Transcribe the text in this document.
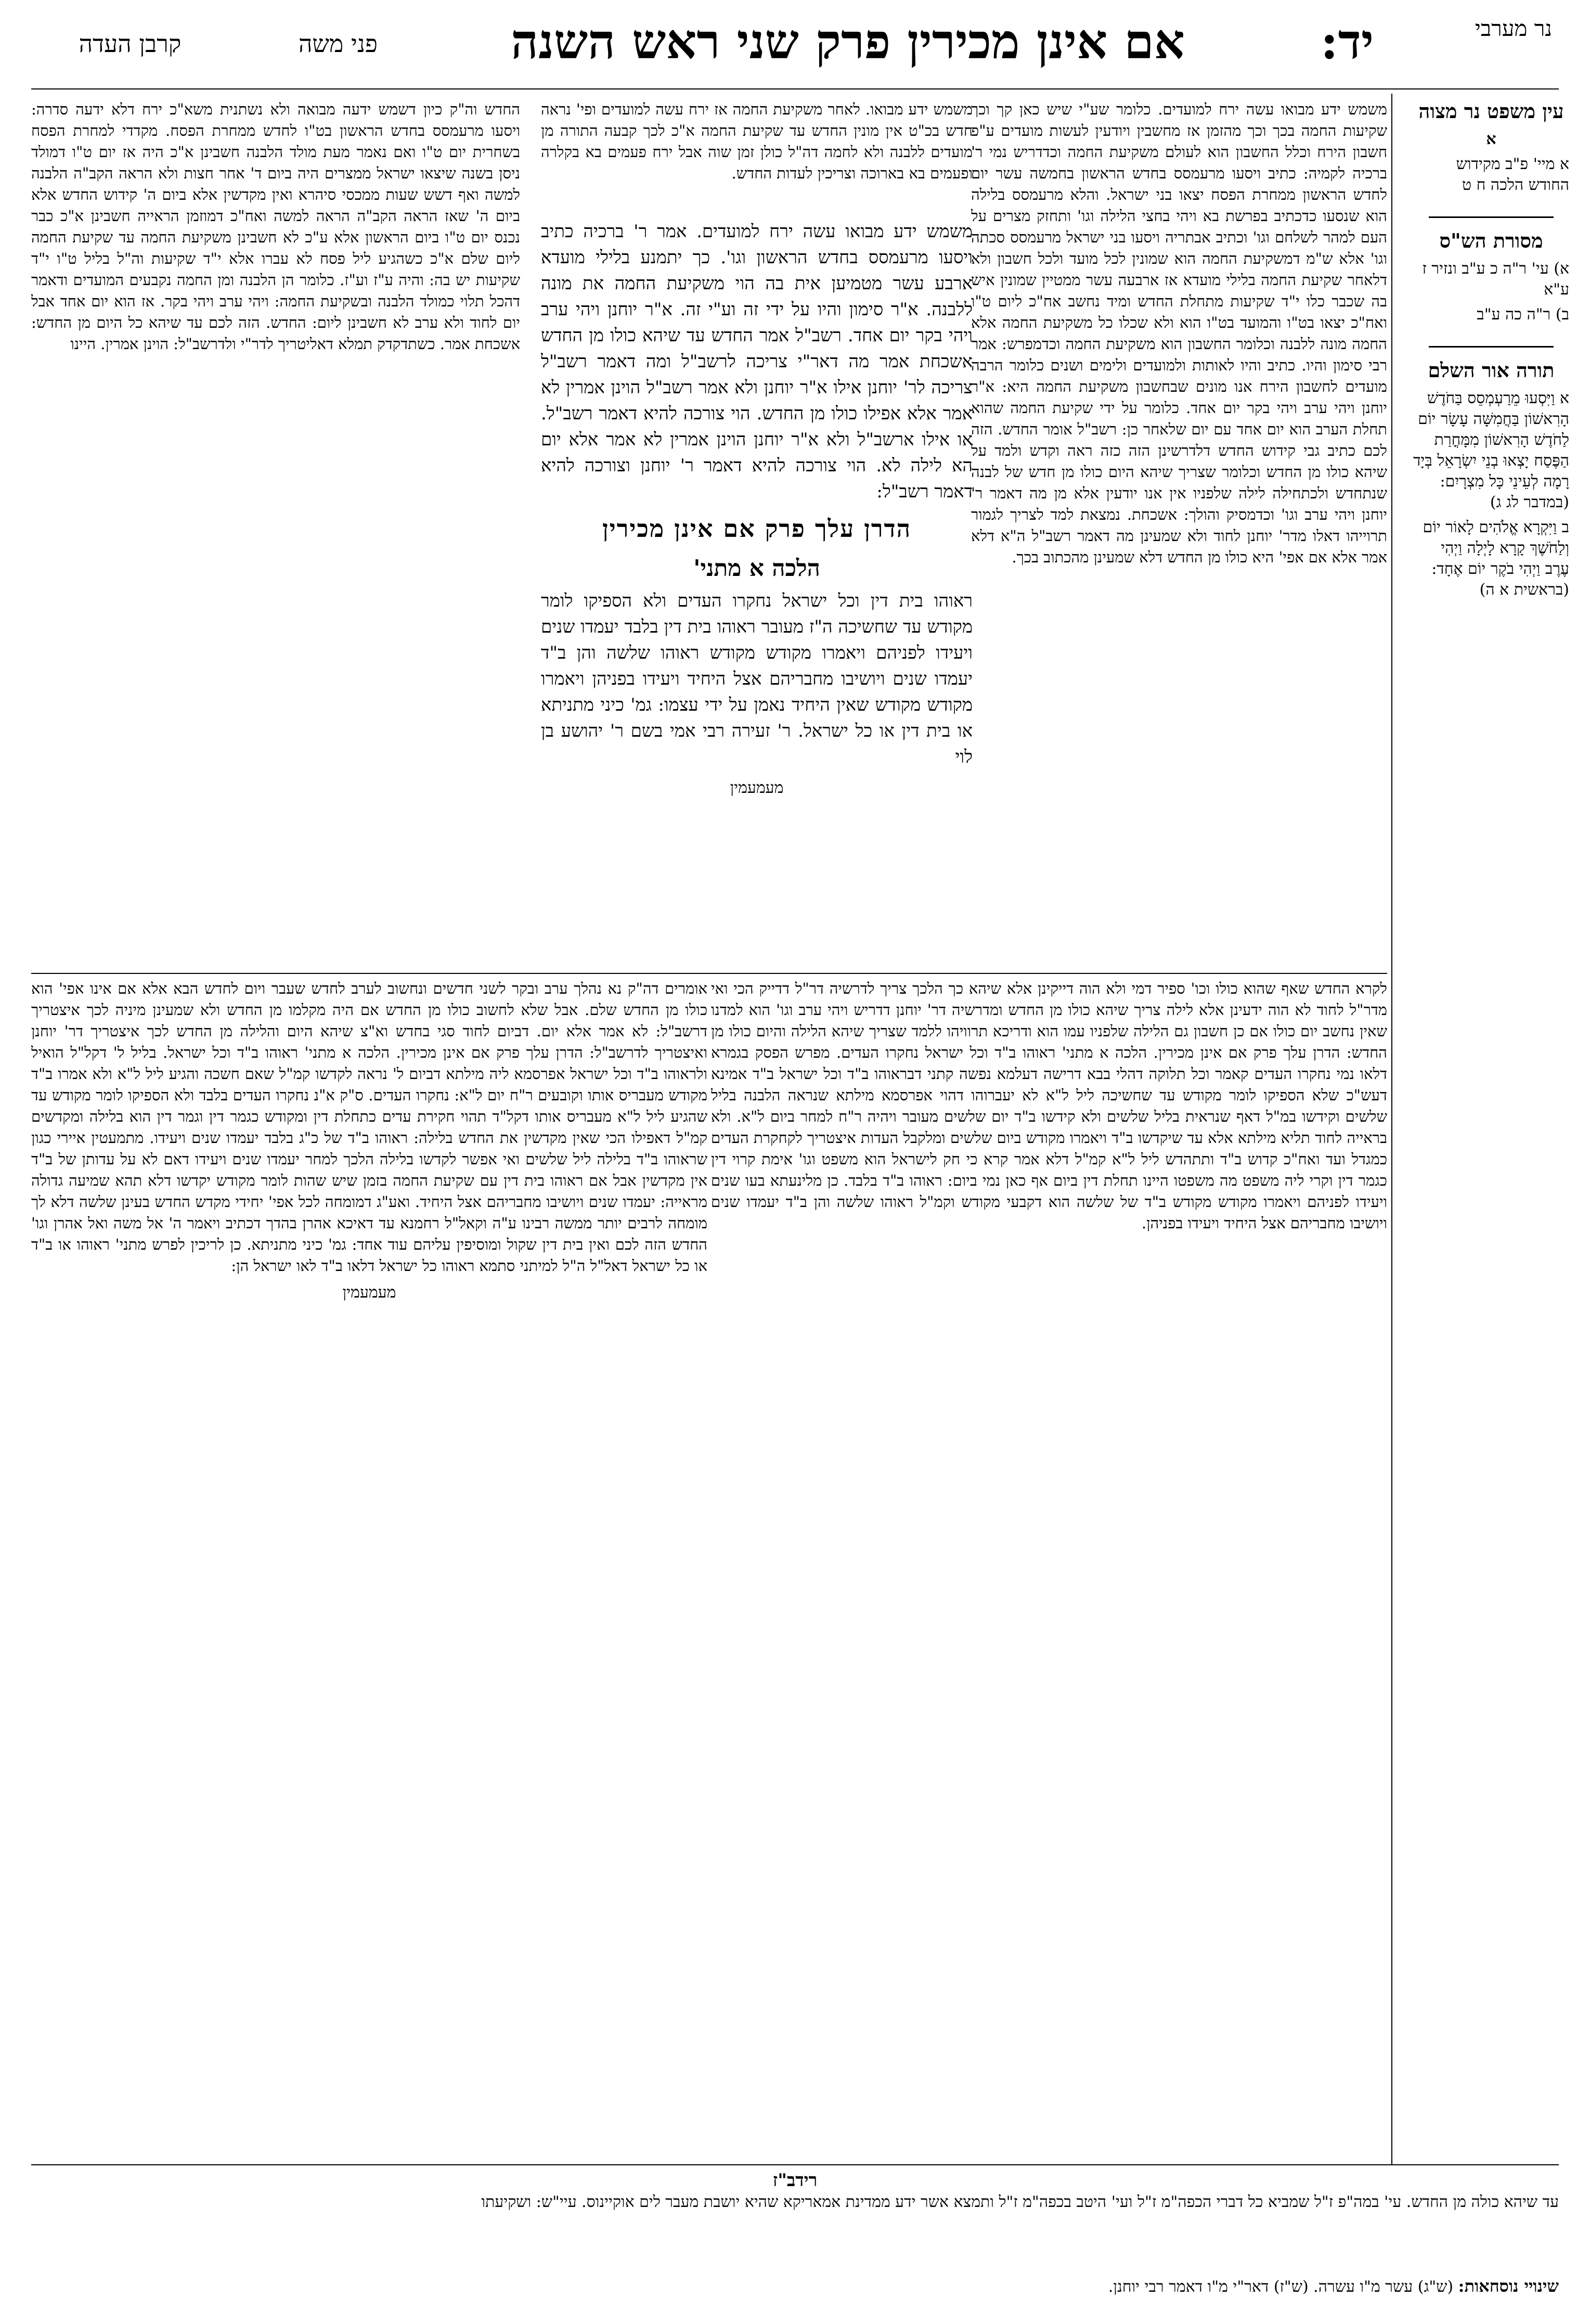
נר מערבי
יד:
אם אינן מכירין פרק שני ראש השנה
פני משה
קרבן העדה
עין משפט נר מצוה
א
א מיי' פ"ב מקידוש החודש הלכה ח ט
מסורת הש"ס
א) עי' ר"ה כ ע"ב ונזיר ז ע"א
ב) ר"ה כה ע"ב
תורה אור השלם
א וַיִּסְעוּ מֵרַעְמְסֵס בַּחֹדֶשׁ הָרִאשׁוֹן בַּחֲמִשָּׁה עָשָׂר יוֹם לַחֹדֶשׁ הָרִאשׁוֹן מִמָּחֳרַת הַפֶּסַח יָצְאוּ בְנֵי יִשְׂרָאֵל בְּיָד רָמָה לְעֵינֵי כָּל מִצְרָיִם: (במדבר לג ג)
ב וַיִּקְרָא אֱלֹהִים לָאוֹר יוֹם וְלַחֹשֶׁךְ קָרָא לָיְלָה וַיְהִי עֶרֶב וַיְהִי בֹקֶר יוֹם אֶחָד: (בראשית א ה)

משמש ידע מבואו עשה ירח למועדים. כלומר שע"י שיש כאן קך וכך שקיעות החמה בכך וכך מהזמן אז מחשבין ויודעין לעשות מועדים ע"פ חשבון הירח וכלל החשבון הוא לעולם משקיעת החמה וכדדריש נמי ר' ברכיה לקמיה: כתיב ויסעו מרעמסס בחדש הראשון בחמשה עשר יום לחדש הראשון ממחרת הפסח יצאו בני ישראל. והלא מרעמסס בלילה הוא שנסעו כדכתיב בפרשת בא ויהי בחצי הלילה וגו' ותחזק מצרים על העם למהר לשלחם וגו' וכתיב אבתריה ויסעו בני ישראל מרעמסס סכתה וגו' אלא ש"מ דמשקיעת החמה הוא שמונין לכל מועד ולכל חשבון ולא דלאחר שקיעת החמה בלילי מועדא אז ארבעה עשר ממטיין שמונין איש בה שכבר כלו י"ד שקיעות מתחלת החדש ומיד נחשב אח"כ ליום ט"ו ואח"כ יצאו בט"ו והמועד בט"ו הוא ולא שכלו כל משקיעת החמה אלא החמה מונה ללבנה וכלומר החשבון הוא משקיעת החמה וכדמפרש: אמר רבי סימון והיו. כתיב והיו לאותות ולמועדים ולימים ושנים כלומר הרבה מועדים לחשבון הירח אנו מונים שבחשבון משקיעת החמה היא: א"ר יוחנן ויהי ערב ויהי בקר יום אחד. כלומר על ידי שקיעת החמה שהוא תחלת הערב הוא יום אחד עם יום שלאחר כן: רשב"ל אומר החדש. הזה לכם כתיב גבי קידוש החדש דלדרשינן הזה כזה ראה וקדש ולמד על שיהא כולו מן החדש וכלומר שצריך שיהא היום כולו מן חדש של לבנה שנתחדש ולכתחילה לילה שלפניו אין אנו יודעין אלא מן מה דאמר ר' יוחנן ויהי ערב וגו' וכדמסיק והולך: אשכחת. נמצאת למד לצריך לגמור תרוייהו דאלו מדר' יוחנן לחוד ולא שמעינן מה דאמר רשב"ל ה"א דלא אמר אלא אם אפי' היא כולו מן החדש דלא שמעינן מהכתוב בכך.

משמש ידע מבואו. לאחר משקיעת החמה אז ירח עשה למועדים ופי' נראה חדש בכ"ט אין מונין החדש עד שקיעת החמה א"כ לכך קבעה התורה מן מועדים ללבנה ולא לחמה דה"ל כולן זמן שוה אבל ירח פעמים בא בקלרה ופעמים בא בארוכה וצריכין לעדות החדש.

משמש ידע מבואו עשה ירח למועדים. אמר ר' ברכיה כתיב ויסעו מרעמסס בחדש הראשון וגו'. כך יתמנע בלילי מועדא ארבע עשר מטמיען אית בה הוי משקיעת החמה את מונה ללבנה. א"ר סימון והיו על ידי זה וע"י זה. א"ר יוחנן ויהי ערב ויהי בקר יום אחד. רשב"ל אמר החדש עד שיהא כולו מן החדש אשכחת אמר מה דאר"י צריכה לרשב"ל ומה דאמר רשב"ל צריכה לר' יוחנן אילו א"ר יוחנן ולא אמר רשב"ל הוינן אמרין לא אמר אלא אפילו כולו מן החדש. הוי צורכה להיא דאמר רשב"ל. או אילו ארשב"ל ולא א"ר יוחנן הוינן אמרין לא אמר אלא יום הא לילה לא. הוי צורכה להיא דאמר ר' יוחנן וצורכה להיא דאמר רשב"ל:

הדרן עלך פרק אם אינן מכירין
הלכה א מתני'

ראוהו בית דין וכל ישראל נחקרו העדים ולא הספיקו לומר מקודש עד שחשיכה ה"ז מעובר ראוהו בית דין בלבד יעמדו שנים ויעידו לפניהם ויאמרו מקודש מקודש ראוהו שלשה והן ב"ד יעמדו שנים ויושיבו מחבריהם אצל היחיד ויעידו בפניהן ויאמרו מקודש מקודש שאין היחיד נאמן על ידי עצמו: גמ' כיני מתניתא או בית דין או כל ישראל. ר' זעירה רבי אמי בשם ר' יהושע בן לוי

מעמעמין

החדש וה"ק כיון דשמש ידעה מבואה ולא נשתנית משא"כ ירח דלא ידעה סדרה: ויסעו מרעמסס בחדש הראשון בט"ו לחדש ממחרת הפסח. מקדדי למחרת הפסח בשחרית יום ט"ו ואם נאמר מעת מולד הלבנה חשבינן א"כ היה אז יום ט"ו דמולד ניסן בשנה שיצאו ישראל ממצרים היה ביום ד' אחר חצות ולא הראה הקב"ה הלבנה למשה ואף דשש שעות ממכסי סיהרא ואין מקדשין אלא ביום ה' קידוש החדש אלא ביום ה' שאז הראה הקב"ה הראה למשה ואח"כ דמוזמן הראייה חשבינן א"כ כבר נכנס יום ט"ו ביום הראשון אלא ע"כ לא חשבינן משקיעת החמה עד שקיעת החמה ליום שלם א"כ כשהגיע ליל פסח לא עברו אלא י"ד שקיעות וה"ל בליל ט"ו י"ד שקיעות יש בה: והיה ע"ז וע"ז. כלומר הן הלבנה ומן החמה נקבעים המועדים ודאמר דהכל תלוי כמולד הלבנה ובשקיעת החמה: ויהי ערב ויהי בקר. אז הוא יום אחד אבל יום לחוד ולא ערב לא חשבינן ליום: החדש. הזה לכם עד שיהא כל היום מן החדש: אשכחת אמר. כשתדקדק תמלא דאליטריך לדר"י ולדרשב"ל: הוינן אמרין. היינו

לקרא החדש שאף שהוא כולו וכו' ספיר דמי ולא הוה דייקינן אלא שיהא כך הלכך צריך לדרשיה דר"ל דדייק הכי ואי מדר"ל לחוד לא הוה ידעינן אלא לילה צריך שיהא כולו מן החדש ומדרשיה דר' יוחנן דדריש ויהי ערב וגו' הוא למדנו שאין נחשב יום כולו אם כן חשבון גם הלילה שלפניו עמו הוא ודריכא תרוויהו ללמד שצריך שיהא הלילה והיום כולו מן החדש: הדרן עלך פרק אם אינן מכירין. הלכה א מתני' ראוהו ב"ד וכל ישראל נחקרו העדים. מפרש הפסק בגמרא דלאו נמי נחקרו העדים קאמר וכל תלוקה דהלי בבא דרישה דעלמא נפשה קתני דבראוהו ב"ד וכל ישראל ב"ד אמינא דעש"כ שלא הספיקו לומר מקודש עד שחשיכה ליל ל"א לא יעברוהו דהוי אפרסמא מילתא שנראה הלבנה בליל שלשים וקידשו במ"ל דאף שנראית בליל שלשים ולא קידשו ב"ד יום שלשים מעובר ויהיה ר"ח למחר ביום ל"א. ולא בראייה לחוד תליא מילתא אלא עד שיקדשו ב"ד ויאמרו מקודש ביום שלשים ומלקבל העדות איצטריך לקחקרת העדים כמגדל ועד ואח"כ קדוש ב"ד ותתהדש ליל ל"א קמ"ל דלא אמר קרא כי חק לישראל הוא משפט וגו' אימת קרוי דין כגמר דין וקרי ליה משפט מה משפטו היינו תחלת דין ביום אף כאן נמי ביום: ראוהו ב"ד בלבד. כן מלינעתא בעו שנים ויעידו לפניהם ויאמרו מקודש מקודש ב"ד של שלשה הוא דקבעי מקודש וקמ"ל ראוהו שלשה והן ב"ד יעמדו שנים ויושיבו מחבריהם אצל היחיד ויעידו בפניהן.

אומרים דה"ק נא נהלך ערב ובקר לשני חדשים ונחשוב לערב לחדש שעבר ויום לחדש הבא אלא אם אינו אפי' הוא כולו מן החדש שלם. אבל שלא לחשוב כולו מן החדש אם היה מקלמו מן החדש ולא שמעינן מיניה לכך איצטריך דרשב"ל: לא אמר אלא יום. דביום לחוד סגי בחדש וא"צ שיהא היום והלילה מן החדש לכך איצטריך דר' יוחנן ואיצטריך לדרשב"ל: הדרן עלך פרק אם אינן מכירין. הלכה א מתני' ראוהו ב"ד וכל ישראל. בליל ל' דקל"ל הואיל ולראוהו ב"ד וכל ישראל אפרסמא ליה מילתא דביום ל' נראה לקדשו קמ"ל שאם חשכה והגיע ליל ל"א ולא אמרו ב"ד מקודש מעבריס אותו וקובעים ר"ח יום ל"א: נחקרו העדים. ס"ק א"נ נחקרו העדים בלבד ולא הספיקו לומר מקודש עד שהגיע ליל ל"א מעבריס אותו דקל"ד תהוי חקירת עדים כתחלת דין ומקודש כגמר דין וגמר דין הוא בלילה ומקדשים קמ"ל דאפילו הכי שאין מקדשין את החדש בלילה: ראוהו ב"ד של כ"ג בלבד יעמדו שנים ויעידו. מתמעטין איירי כגון שראוהו ב"ד בלילה ליל שלשים ואי אפשר לקדשו בלילה הלכך למחר יעמדו שנים ויעידו דאם לא על עדותן של ב"ד אין מקדשין אבל אם ראוהו בית דין עם שקיעת החמה בזמן שיש שהות לומר מקודש יקדשו דלא תהא שמיעה גדולה מראייה: יעמדו שנים ויושיבו מחבריהם אצל היחיד. ואע"ג דמומחה לכל אפי' יחידי מקדש החדש בעינן שלשה דלא לך מומחה לרבים יותר ממשה רבינו ע"ה וקאל"ל רחמנא עד דאיכא אהרן בהדך דכתיב ויאמר ה' אל משה ואל אהרן וגו' החדש הזה לכם ואין בית דין שקול ומוסיפין עליהם עוד אחד: גמ' כיני מתניתא. כן לריכין לפרש מתני' ראוהו או ב"ד או כל ישראל דאל"ל ה"ל למיתני סתמא ראוהו כל ישראל דלאו ב"ד לאו ישראל הן:

מעמעמין
רידב"ז
עד שיהא כולה מן החדש. עי' במה"פ ז"ל שמביא כל דברי הכפה"מ ז"ל ועי' היטב בכפה"מ ז"ל ותמצא אשר ידע ממדינת אמאריקא שהיא יושבת מעבר לים אוקיינוס. עיי"ש: ושקיעתו
שינויי נוסחאות: (ש"ג) עשר מ"ו עשרה. (ש"ז) דאר"י מ"ו דאמר רבי יוחנן.
